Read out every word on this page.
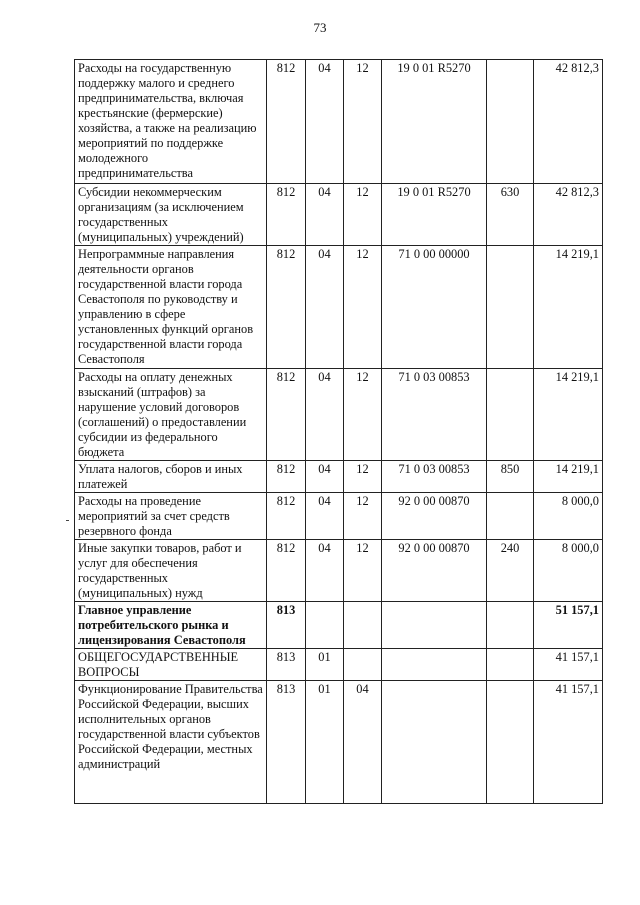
73
Расходы на государственную поддержку малого и среднего предпринимательства, включая крестьянские (фермерские) хозяйства, а также на реализацию мероприятий по поддержке молодежного предпринимательства	812	04	12	19 0 01 R5270		42 812,3
Субсидии некоммерческим организациям (за исключением государственных (муниципальных) учреждений)	812	04	12	19 0 01 R5270	630	42 812,3
Непрограммные направления деятельности органов государственной власти города Севастополя по руководству и управлению в сфере установленных функций органов государственной власти города Севастополя	812	04	12	71 0 00 00000		14 219,1
Расходы на оплату денежных взысканий (штрафов) за нарушение условий договоров (соглашений) о предоставлении субсидии из федерального бюджета	812	04	12	71 0 03 00853		14 219,1
Уплата налогов, сборов и иных платежей	812	04	12	71 0 03 00853	850	14 219,1
Расходы на проведение мероприятий за счет средств резервного фонда	812	04	12	92 0 00 00870		8 000,0
Иные закупки товаров, работ и услуг для обеспечения государственных (муниципальных) нужд	812	04	12	92 0 00 00870	240	8 000,0
Главное управление потребительского рынка и лицензирования Севастополя	813					51 157,1
ОБЩЕГОСУДАРСТВЕННЫЕ ВОПРОСЫ	813	01				41 157,1
Функционирование Правительства Российской Федерации, высших исполнительных органов государственной власти субъектов Российской Федерации, местных администраций	813	01	04			41 157,1
